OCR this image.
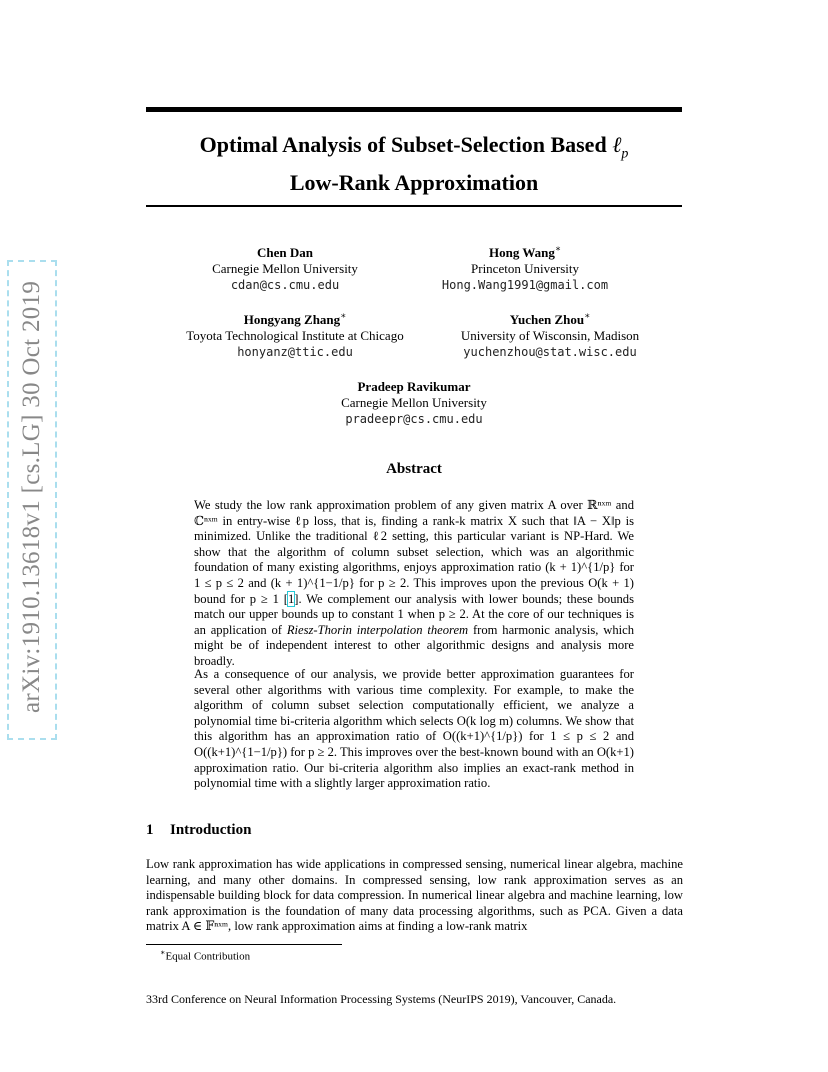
arXiv:1910.13618v1 [cs.LG] 30 Oct 2019
Optimal Analysis of Subset-Selection Based ℓ$_p$
Low-Rank Approximation
Chen Dan
Carnegie Mellon University
cdan@cs.cmu.edu
Hong Wang∗
Princeton University
Hong.Wang1991@gmail.com
Hongyang Zhang∗
Toyota Technological Institute at Chicago
honyanz@ttic.edu
Yuchen Zhou∗
University of Wisconsin, Madison
yuchenzhou@stat.wisc.edu
Pradeep Ravikumar
Carnegie Mellon University
pradeepr@cs.cmu.edu
Abstract

We study the low rank approximation problem of any given matrix A over ℝⁿˣᵐ and ℂⁿˣᵐ in entry-wise ℓp loss, that is, finding a rank-k matrix X such that ‖A − X‖p is minimized. Unlike the traditional ℓ2 setting, this particular variant is NP-Hard. We show that the algorithm of column subset selection, which was an algorithmic foundation of many existing algorithms, enjoys approximation ratio (k + 1)^{1/p} for 1 ≤ p ≤ 2 and (k + 1)^{1−1/p} for p ≥ 2. This improves upon the previous O(k + 1) bound for p ≥ 1 [1]. We complement our analysis with lower bounds; these bounds match our upper bounds up to constant 1 when p ≥ 2. At the core of our techniques is an application of Riesz-Thorin interpolation theorem from harmonic analysis, which might be of independent interest to other algorithmic designs and analysis more broadly.

As a consequence of our analysis, we provide better approximation guarantees for several other algorithms with various time complexity. For example, to make the algorithm of column subset selection computationally efficient, we analyze a polynomial time bi-criteria algorithm which selects O(k log m) columns. We show that this algorithm has an approximation ratio of O((k+1)^{1/p}) for 1 ≤ p ≤ 2 and O((k+1)^{1−1/p}) for p ≥ 2. This improves over the best-known bound with an O(k+1) approximation ratio. Our bi-criteria algorithm also implies an exact-rank method in polynomial time with a slightly larger approximation ratio.

1 Introduction
Low rank approximation has wide applications in compressed sensing, numerical linear algebra, machine learning, and many other domains. In compressed sensing, low rank approximation serves as an indispensable building block for data compression. In numerical linear algebra and machine learning, low rank approximation is the foundation of many data processing algorithms, such as PCA. Given a data matrix A ∈ 𝔽ⁿˣᵐ, low rank approximation aims at finding a low-rank matrix
∗Equal Contribution
33rd Conference on Neural Information Processing Systems (NeurIPS 2019), Vancouver, Canada.
